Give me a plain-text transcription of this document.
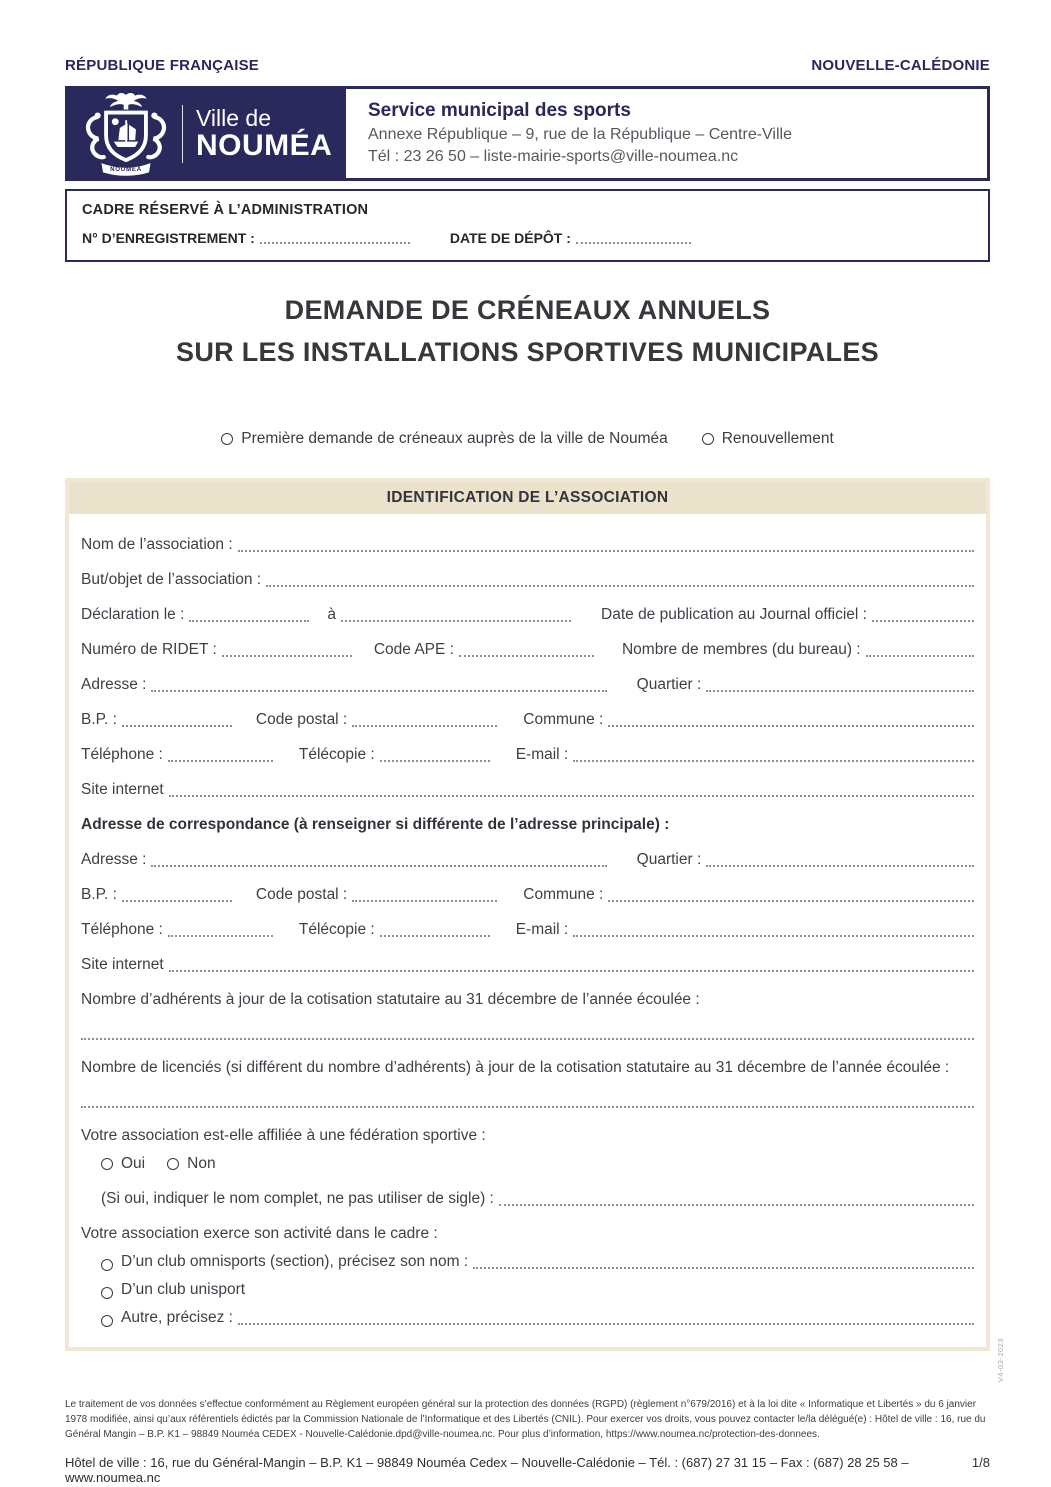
RÉPUBLIQUE FRANÇAISE	NOUVELLE-CALÉDONIE
NOUMEA
Ville de
NOUMÉA
Service municipal des sports
Annexe République – 9, rue de la République – Centre-Ville
Tél : 23 26 50 – liste-mairie-sports@ville-noumea.nc
CADRE RÉSERVÉ À L’ADMINISTRATION
N° D’ENREGISTREMENT :	DATE DE DÉPÔT :
DEMANDE DE CRÉNEAUX ANNUELS
SUR LES INSTALLATIONS SPORTIVES MUNICIPALES
Première demande de créneaux auprès de la ville de Nouméa	Renouvellement
IDENTIFICATION DE L’ASSOCIATION
Nom de l’association :
But/objet de l’association :
Déclaration le :	à	Date de publication au Journal officiel :
Numéro de RIDET :	Code APE :	Nombre de membres (du bureau) :
Adresse :	Quartier :
B.P. :	Code postal :	Commune :
Téléphone :	Télécopie :	E-mail :
Site internet
Adresse de correspondance (à renseigner si différente de l’adresse principale) :
Adresse :	Quartier :
B.P. :	Code postal :	Commune :
Téléphone :	Télécopie :	E-mail :
Site internet
Nombre d’adhérents à jour de la cotisation statutaire au 31 décembre de l’année écoulée :
Nombre de licenciés (si différent du nombre d’adhérents) à jour de la cotisation statutaire au 31 décembre de l’année écoulée :
Votre association est-elle affiliée à une fédération sportive :
Oui	Non
(Si oui, indiquer le nom complet, ne pas utiliser de sigle) :
Votre association exerce son activité dans le cadre :
D’un club omnisports (section), précisez son nom :
D’un club unisport
Autre, précisez :
Le traitement de vos données s’effectue conformément au Règlement européen général sur la protection des données (RGPD) (règlement n°679/2016) et à la loi dite « Informatique et Libertés » du 6 janvier 1978 modifiée, ainsi qu’aux référentiels édictés par la Commission Nationale de l’Informatique et des Libertés (CNIL). Pour exercer vos droits, vous pouvez contacter le/la délégué(e) : Hôtel de ville : 16, rue du Général Mangin – B.P. K1 – 98849 Nouméa CEDEX - Nouvelle-Calédonie.dpd@ville-noumea.nc. Pour plus d’information, https://www.noumea.nc/protection-des-donnees.
Hôtel de ville : 16, rue du Général-Mangin – B.P. K1 – 98849 Nouméa Cedex – Nouvelle-Calédonie – Tél. : (687) 27 31 15 – Fax : (687) 28 25 58 – www.noumea.nc
1/8
V4-03-2023
